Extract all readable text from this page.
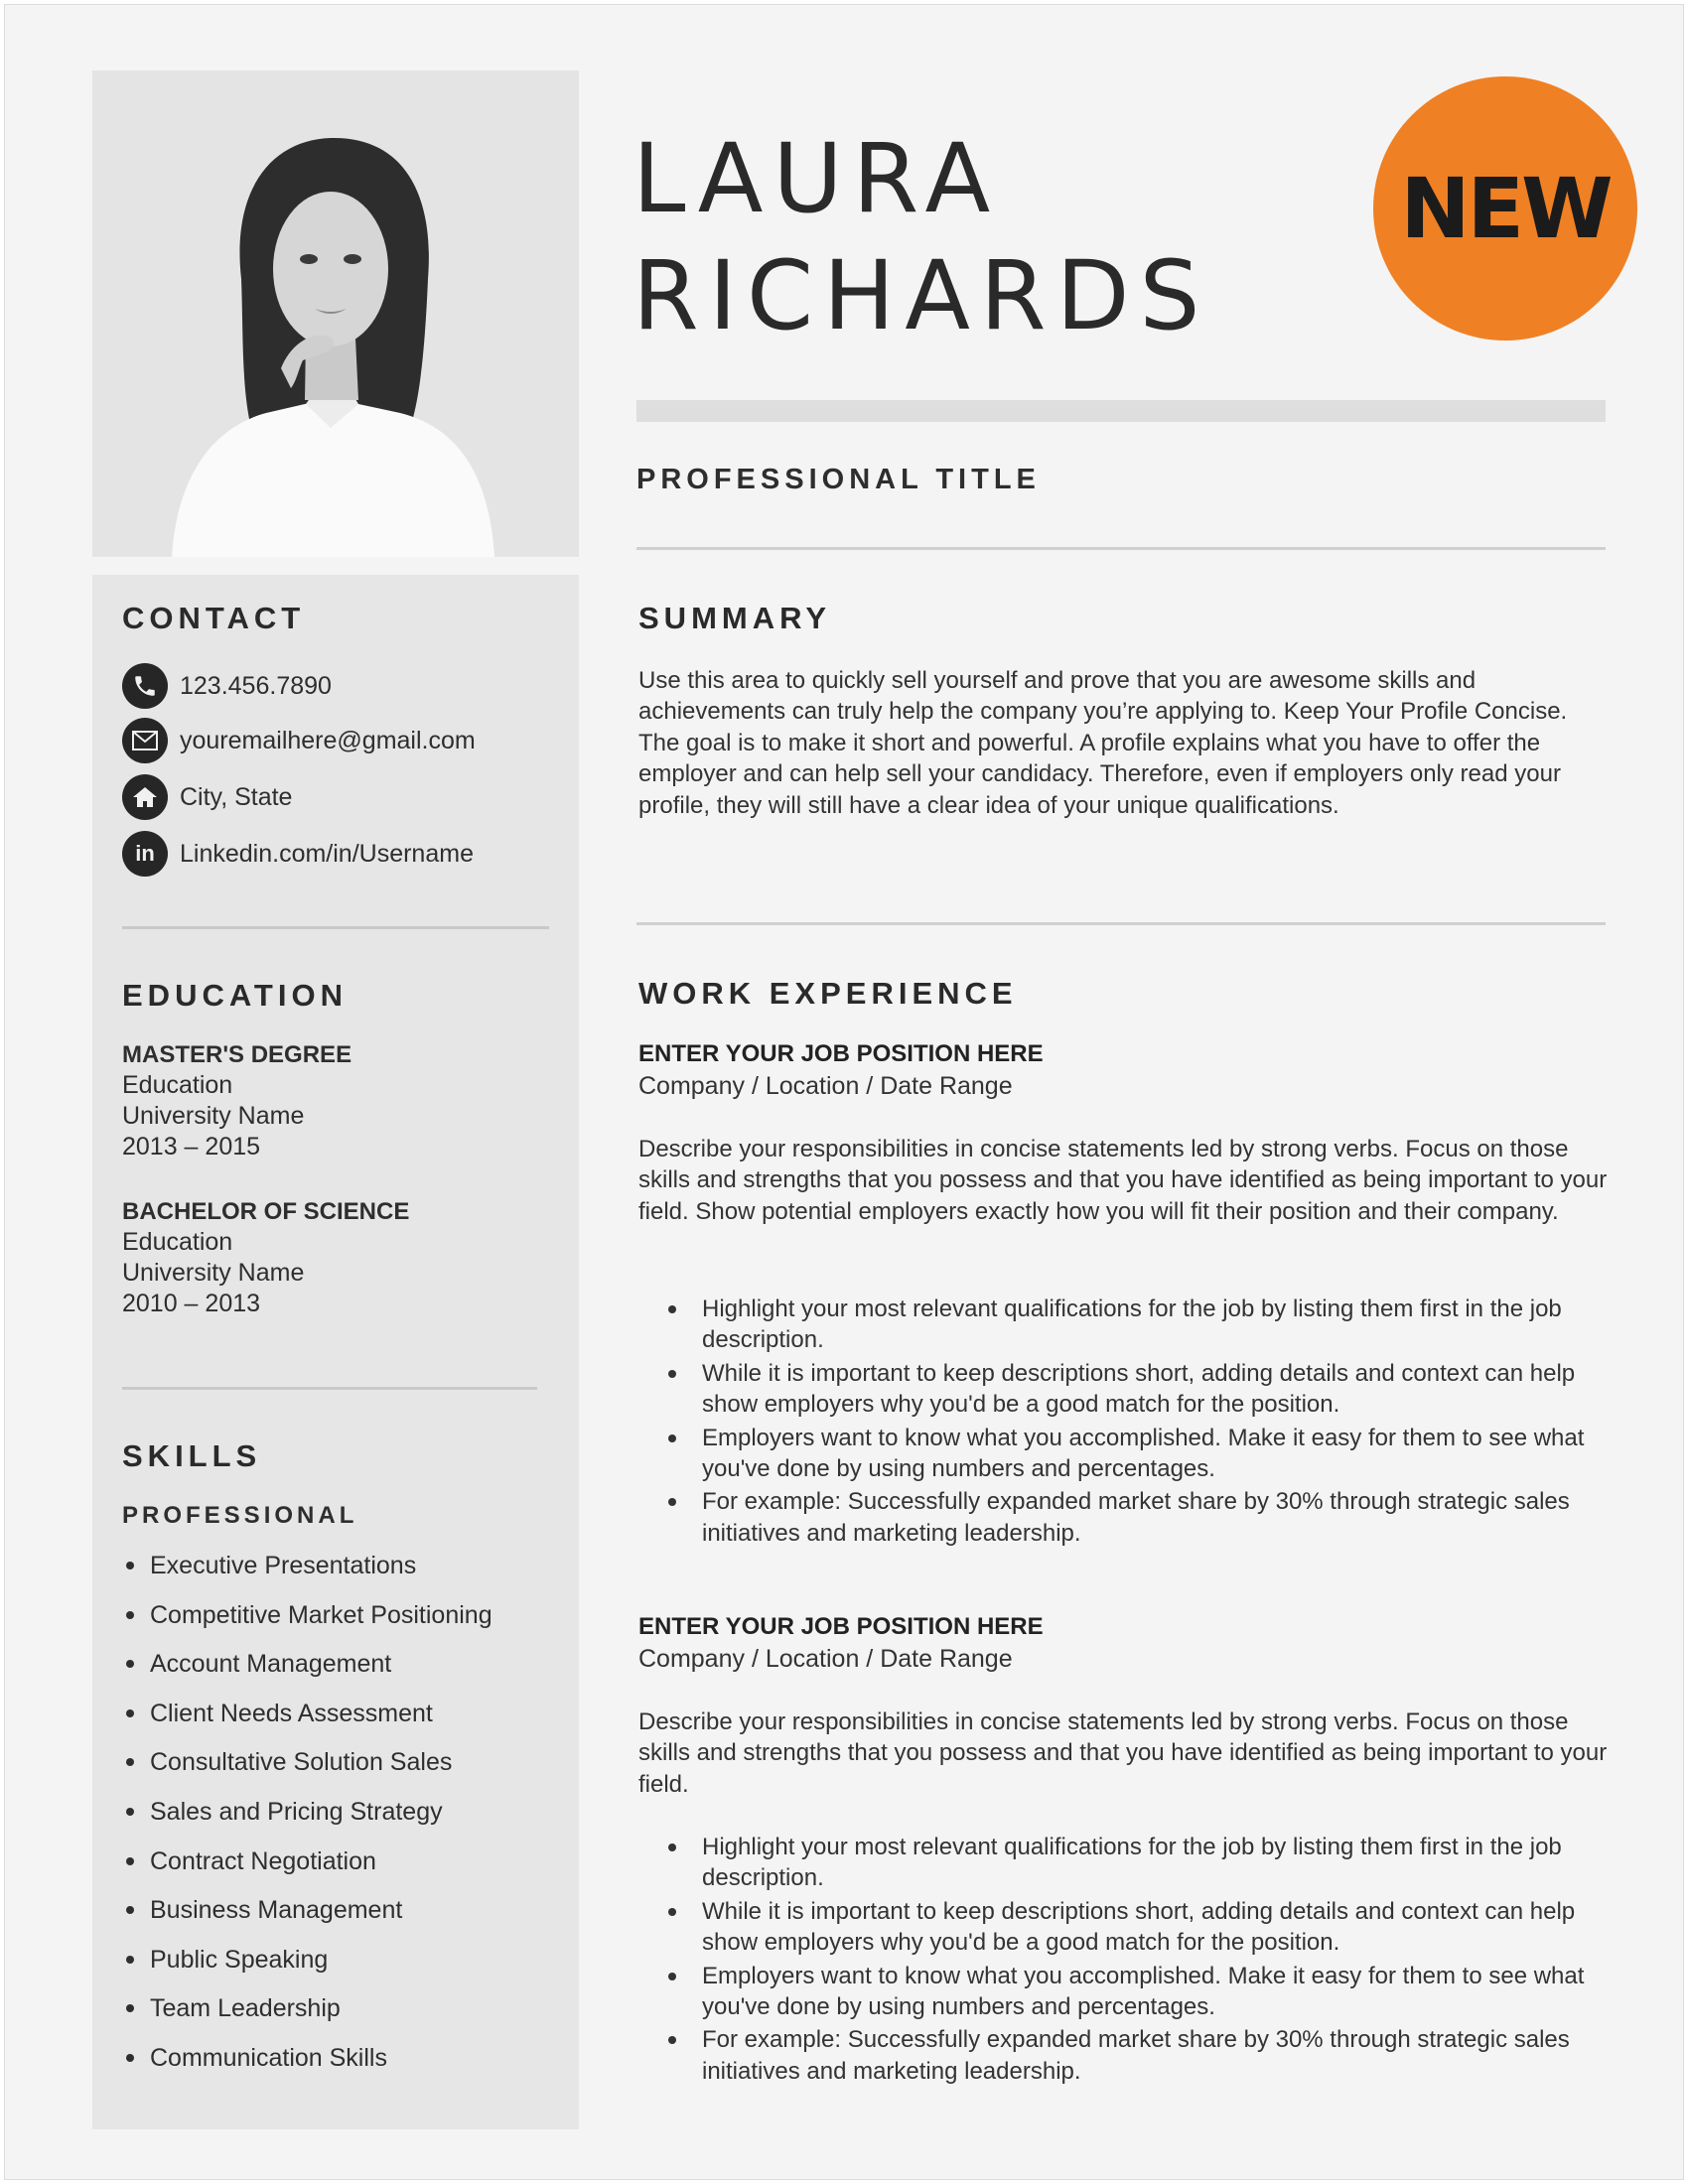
CONTACT
123.456.7890
youremailhere@gmail.com
City, State
in Linkedin.com/in/Username
EDUCATION
MASTER'S DEGREE
Education
University Name
2013 – 2015
BACHELOR OF SCIENCE
Education
University Name
2010 – 2013
SKILLS
PROFESSIONAL
Executive Presentations
Competitive Market Positioning
Account Management
Client Needs Assessment
Consultative Solution Sales
Sales and Pricing Strategy
Contract Negotiation
Business Management
Public Speaking
Team Leadership
Communication Skills
LAURA
RICHARDS
NEW
PROFESSIONAL TITLE
SUMMARY

Use this area to quickly sell yourself and prove that you are awesome skills and achievements can truly help the company you’re applying to. Keep Your Profile Concise. The goal is to make it short and powerful. A profile explains what you have to offer the employer and can help sell your candidacy. Therefore, even if employers only read your profile, they will still have a clear idea of your unique qualifications.

WORK EXPERIENCE
ENTER YOUR JOB POSITION HERE
Company / Location / Date Range

Describe your responsibilities in concise statements led by strong verbs. Focus on those skills and strengths that you possess and that you have identified as being important to your field. Show potential employers exactly how you will fit their position and their company.

Highlight your most relevant qualifications for the job by listing them first in the job description.
While it is important to keep descriptions short, adding details and context can help show employers why you'd be a good match for the position.
Employers want to know what you accomplished. Make it easy for them to see what you've done by using numbers and percentages.
For example: Successfully expanded market share by 30% through strategic sales initiatives and marketing leadership.
ENTER YOUR JOB POSITION HERE
Company / Location / Date Range

Describe your responsibilities in concise statements led by strong verbs. Focus on those skills and strengths that you possess and that you have identified as being important to your field.

Highlight your most relevant qualifications for the job by listing them first in the job description.
While it is important to keep descriptions short, adding details and context can help show employers why you'd be a good match for the position.
Employers want to know what you accomplished. Make it easy for them to see what you've done by using numbers and percentages.
For example: Successfully expanded market share by 30% through strategic sales initiatives and marketing leadership.
